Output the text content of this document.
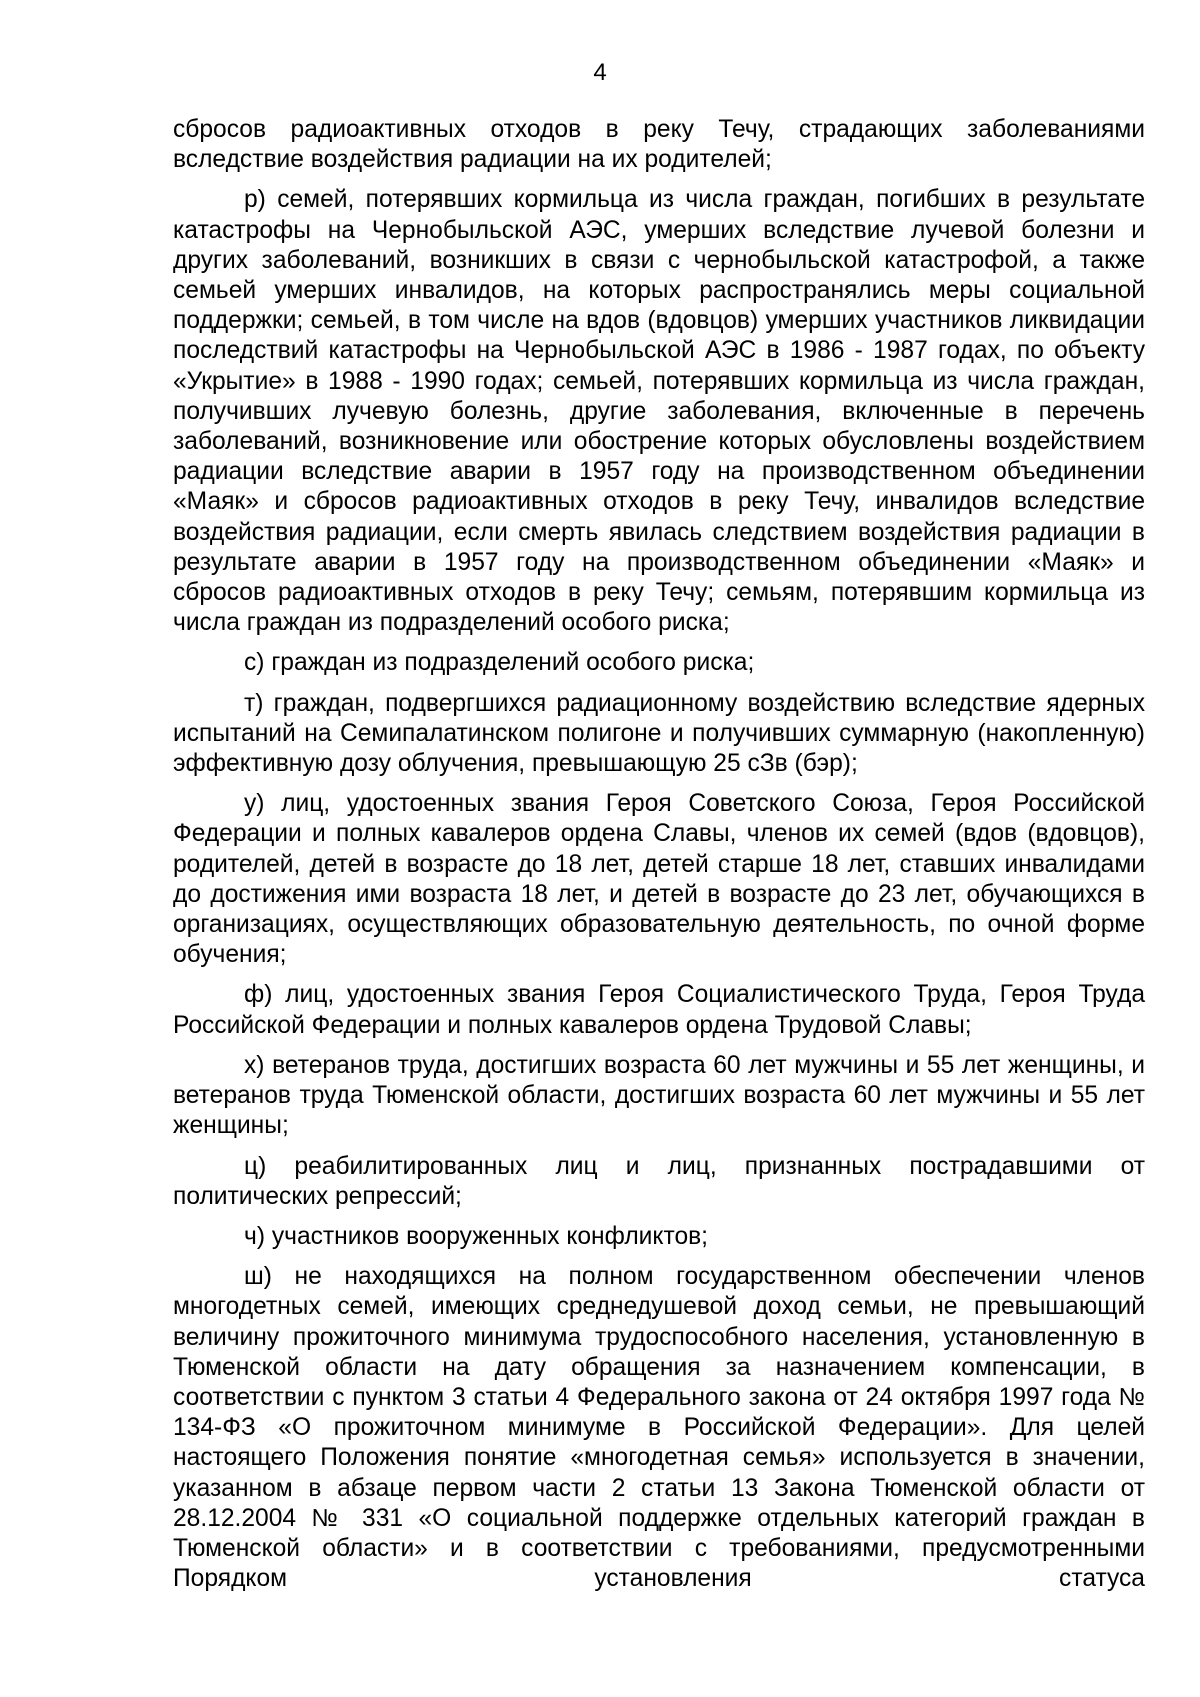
4

сбросов радиоактивных отходов в реку Течу, страдающих заболеваниями вследствие воздействия радиации на их родителей;

р) семей, потерявших кормильца из числа граждан, погибших в результате катастрофы на Чернобыльской АЭС, умерших вследствие лучевой болезни и других заболеваний, возникших в связи с чернобыльской катастрофой, а также семьей умерших инвалидов, на которых распространялись меры социальной поддержки; семьей, в том числе на вдов (вдовцов) умерших участников ликвидации последствий катастрофы на Чернобыльской АЭС в 1986 - 1987 годах, по объекту «Укрытие» в 1988 - 1990 годах; семьей, потерявших кормильца из числа граждан, получивших лучевую болезнь, другие заболевания, включенные в перечень заболеваний, возникновение или обострение которых обусловлены воздействием радиации вследствие аварии в 1957 году на производственном объединении «Маяк» и сбросов радиоактивных отходов в реку Течу, инвалидов вследствие воздействия радиации, если смерть явилась следствием воздействия радиации в результате аварии в 1957 году на производственном объединении «Маяк» и сбросов радиоактивных отходов в реку Течу; семьям, потерявшим кормильца из числа граждан из подразделений особого риска;

с) граждан из подразделений особого риска;

т) граждан, подвергшихся радиационному воздействию вследствие ядерных испытаний на Семипалатинском полигоне и получивших суммарную (накопленную) эффективную дозу облучения, превышающую 25 сЗв (бэр);

у) лиц, удостоенных звания Героя Советского Союза, Героя Российской Федерации и полных кавалеров ордена Славы, членов их семей (вдов (вдовцов), родителей, детей в возрасте до 18 лет, детей старше 18 лет, ставших инвалидами до достижения ими возраста 18 лет, и детей в возрасте до 23 лет, обучающихся в организациях, осуществляющих образовательную деятельность, по очной форме обучения;

ф) лиц, удостоенных звания Героя Социалистического Труда, Героя Труда Российской Федерации и полных кавалеров ордена Трудовой Славы;

х) ветеранов труда, достигших возраста 60 лет мужчины и 55 лет женщины, и ветеранов труда Тюменской области, достигших возраста 60 лет мужчины и 55 лет женщины;

ц) реабилитированных лиц и лиц, признанных пострадавшими от политических репрессий;

ч) участников вооруженных конфликтов;

ш) не находящихся на полном государственном обеспечении членов многодетных семей, имеющих среднедушевой доход семьи, не превышающий величину прожиточного минимума трудоспособного населения, установленную в Тюменской области на дату обращения за назначением компенсации, в соответствии с пунктом 3 статьи 4 Федерального закона от 24 октября 1997 года № 134-ФЗ «О прожиточном минимуме в Российской Федерации». Для целей настоящего Положения понятие «многодетная семья» используется в значении, указанном в абзаце первом части 2 статьи 13 Закона Тюменской области от 28.12.2004 № 331 «О социальной поддержке отдельных категорий граждан в Тюменской области» и в соответствии с требованиями, предусмотренными Порядком установления статуса
